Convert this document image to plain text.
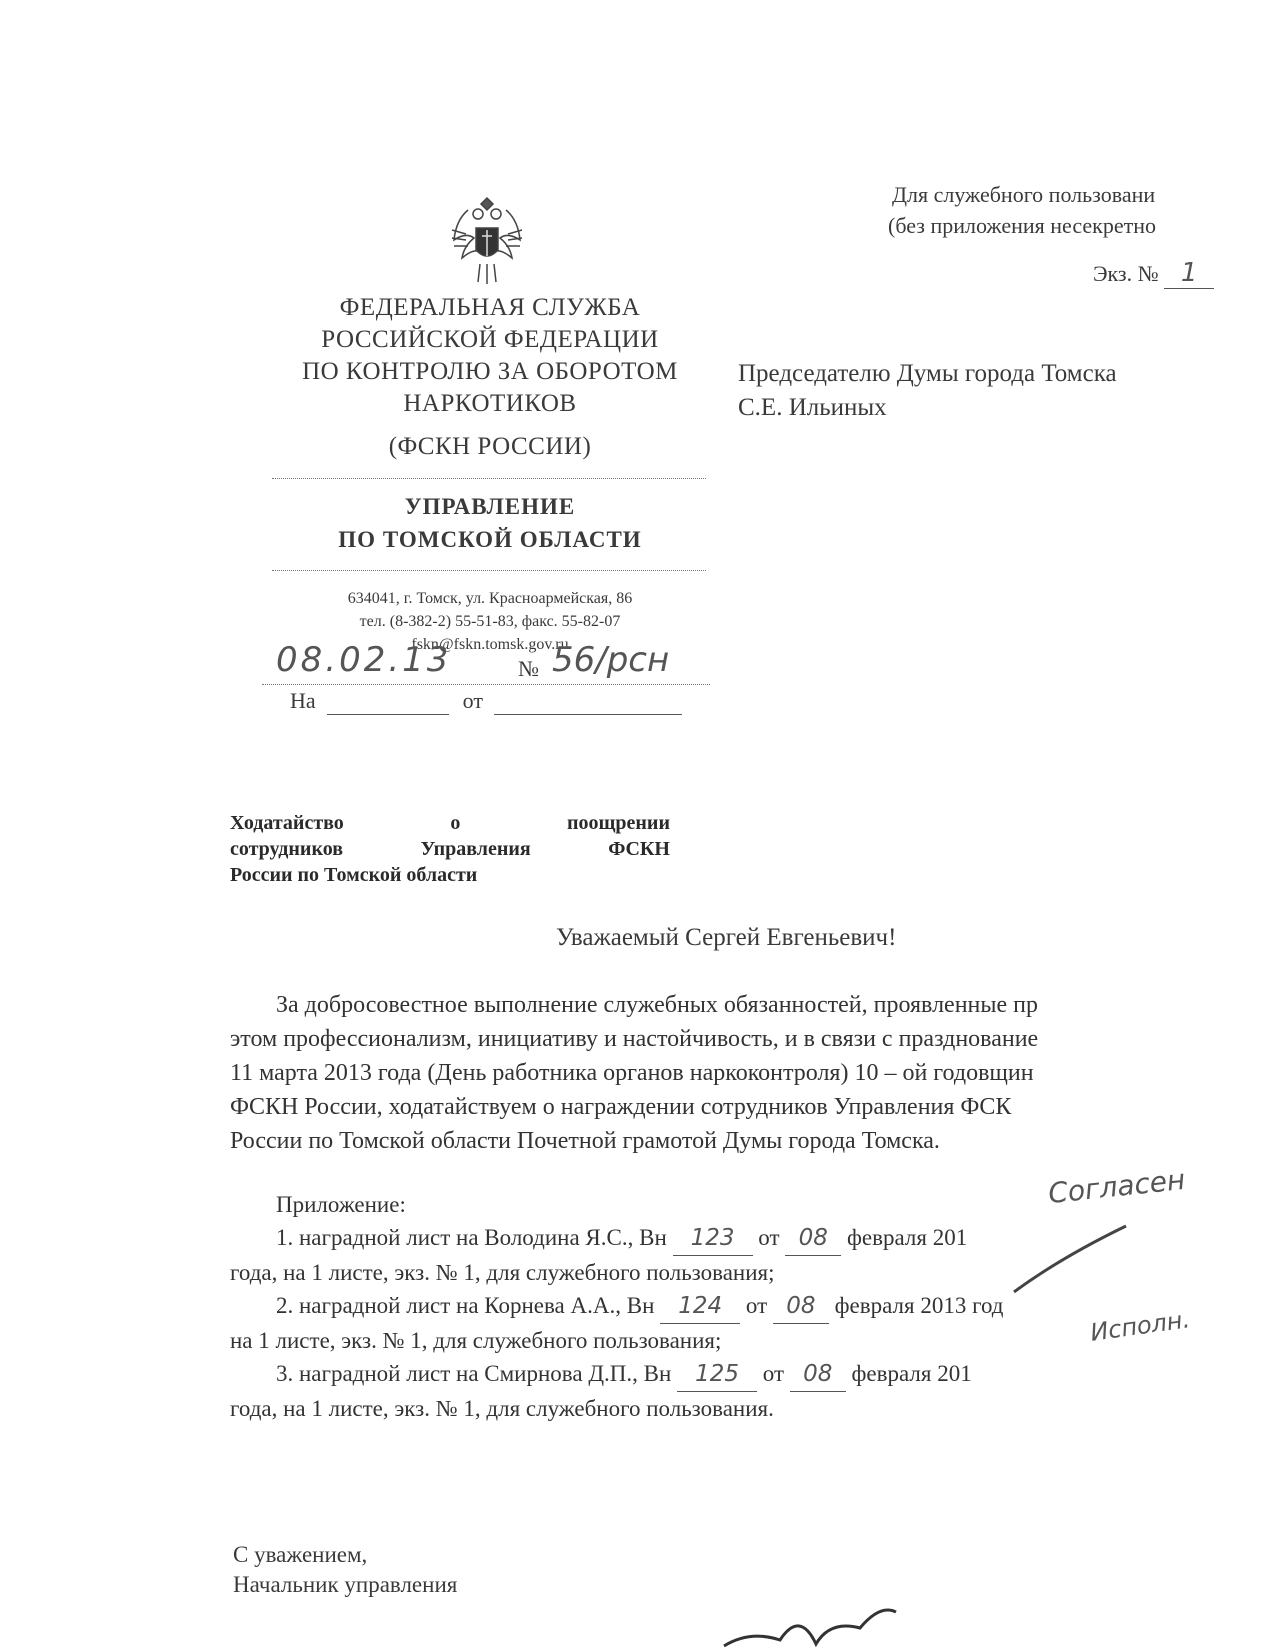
Для служебного пользовани
(без приложения несекретно
Экз. № 1
ФЕДЕРАЛЬНАЯ СЛУЖБА
РОССИЙСКОЙ ФЕДЕРАЦИИ
ПО КОНТРОЛЮ ЗА ОБОРОТОМ
НАРКОТИКОВ
(ФСКН РОССИИ)
УПРАВЛЕНИЕ
ПО ТОМСКОЙ ОБЛАСТИ
634041, г. Томск, ул. Красноармейская, 86
тел. (8-382-2) 55-51-83, факс. 55-82-07
fskn@fskn.tomsk.gov.ru
08.02.13	№ 56/рсн
На	от
Председателю Думы города Томска
С.Е. Ильиных
Ходатайство	о	поощрении
сотрудников	Управления	ФСКН
России по Томской области
Уважаемый Сергей Евгеньевич!
За добросовестное выполнение служебных обязанностей, проявленные пр
этом профессионализм, инициативу и настойчивость, и в связи с празднование
11 марта 2013 года (День работника органов наркоконтроля) 10 – ой годовщин
ФСКН России, ходатайствуем о награждении сотрудников Управления ФСК
России по Томской области Почетной грамотой Думы города Томска.
Согласен
Приложение:
1. наградной лист на Володина Я.С., Вн 123 от 08 февраля 201
года, на 1 листе, экз. № 1, для служебного пользования;
2. наградной лист на Корнева А.А., Вн 124 от 08 февраля 2013 год
на 1 листе, экз. № 1, для служебного пользования;
3. наградной лист на Смирнова Д.П., Вн 125 от 08 февраля 201
года, на 1 листе, экз. № 1, для служебного пользования.
Исполн.
С уважением,
Начальник управления
